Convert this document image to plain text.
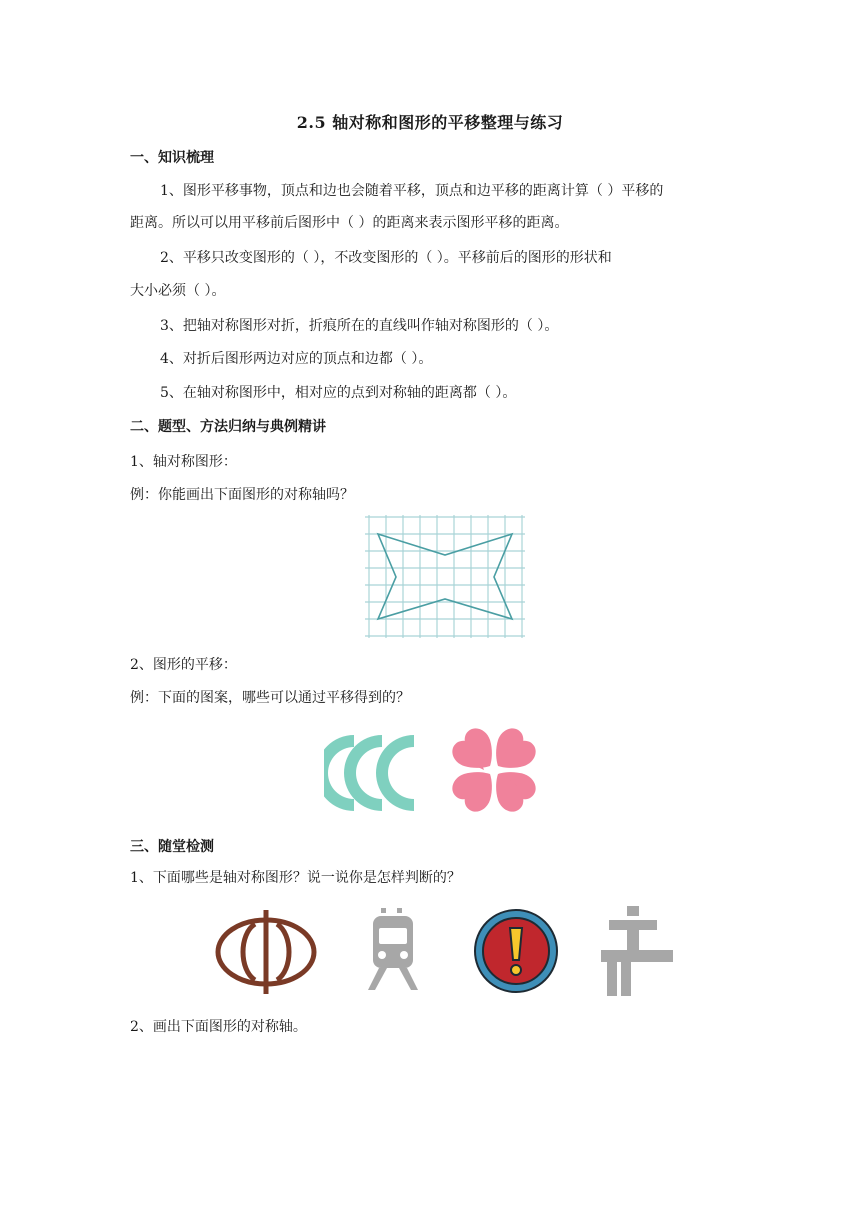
2.5 轴对称和图形的平移整理与练习
一、知识梳理
1、图形平移事物，顶点和边也会随着平移，顶点和边平移的距离计算（ ）平移的
距离。所以可以用平移前后图形中（ ）的距离来表示图形平移的距离。
2、平移只改变图形的（ ），不改变图形的（ ）。平移前后的图形的形状和
大小必须（ ）。
3、把轴对称图形对折，折痕所在的直线叫作轴对称图形的（ ）。
4、对折后图形两边对应的顶点和边都（ ）。
5、在轴对称图形中，相对应的点到对称轴的距离都（ ）。
二、题型、方法归纳与典例精讲
1、轴对称图形：
例：你能画出下面图形的对称轴吗？
2、图形的平移：
例：下面的图案，哪些可以通过平移得到的？
三、随堂检测
1、下面哪些是轴对称图形？说一说你是怎样判断的？
2、画出下面图形的对称轴。
